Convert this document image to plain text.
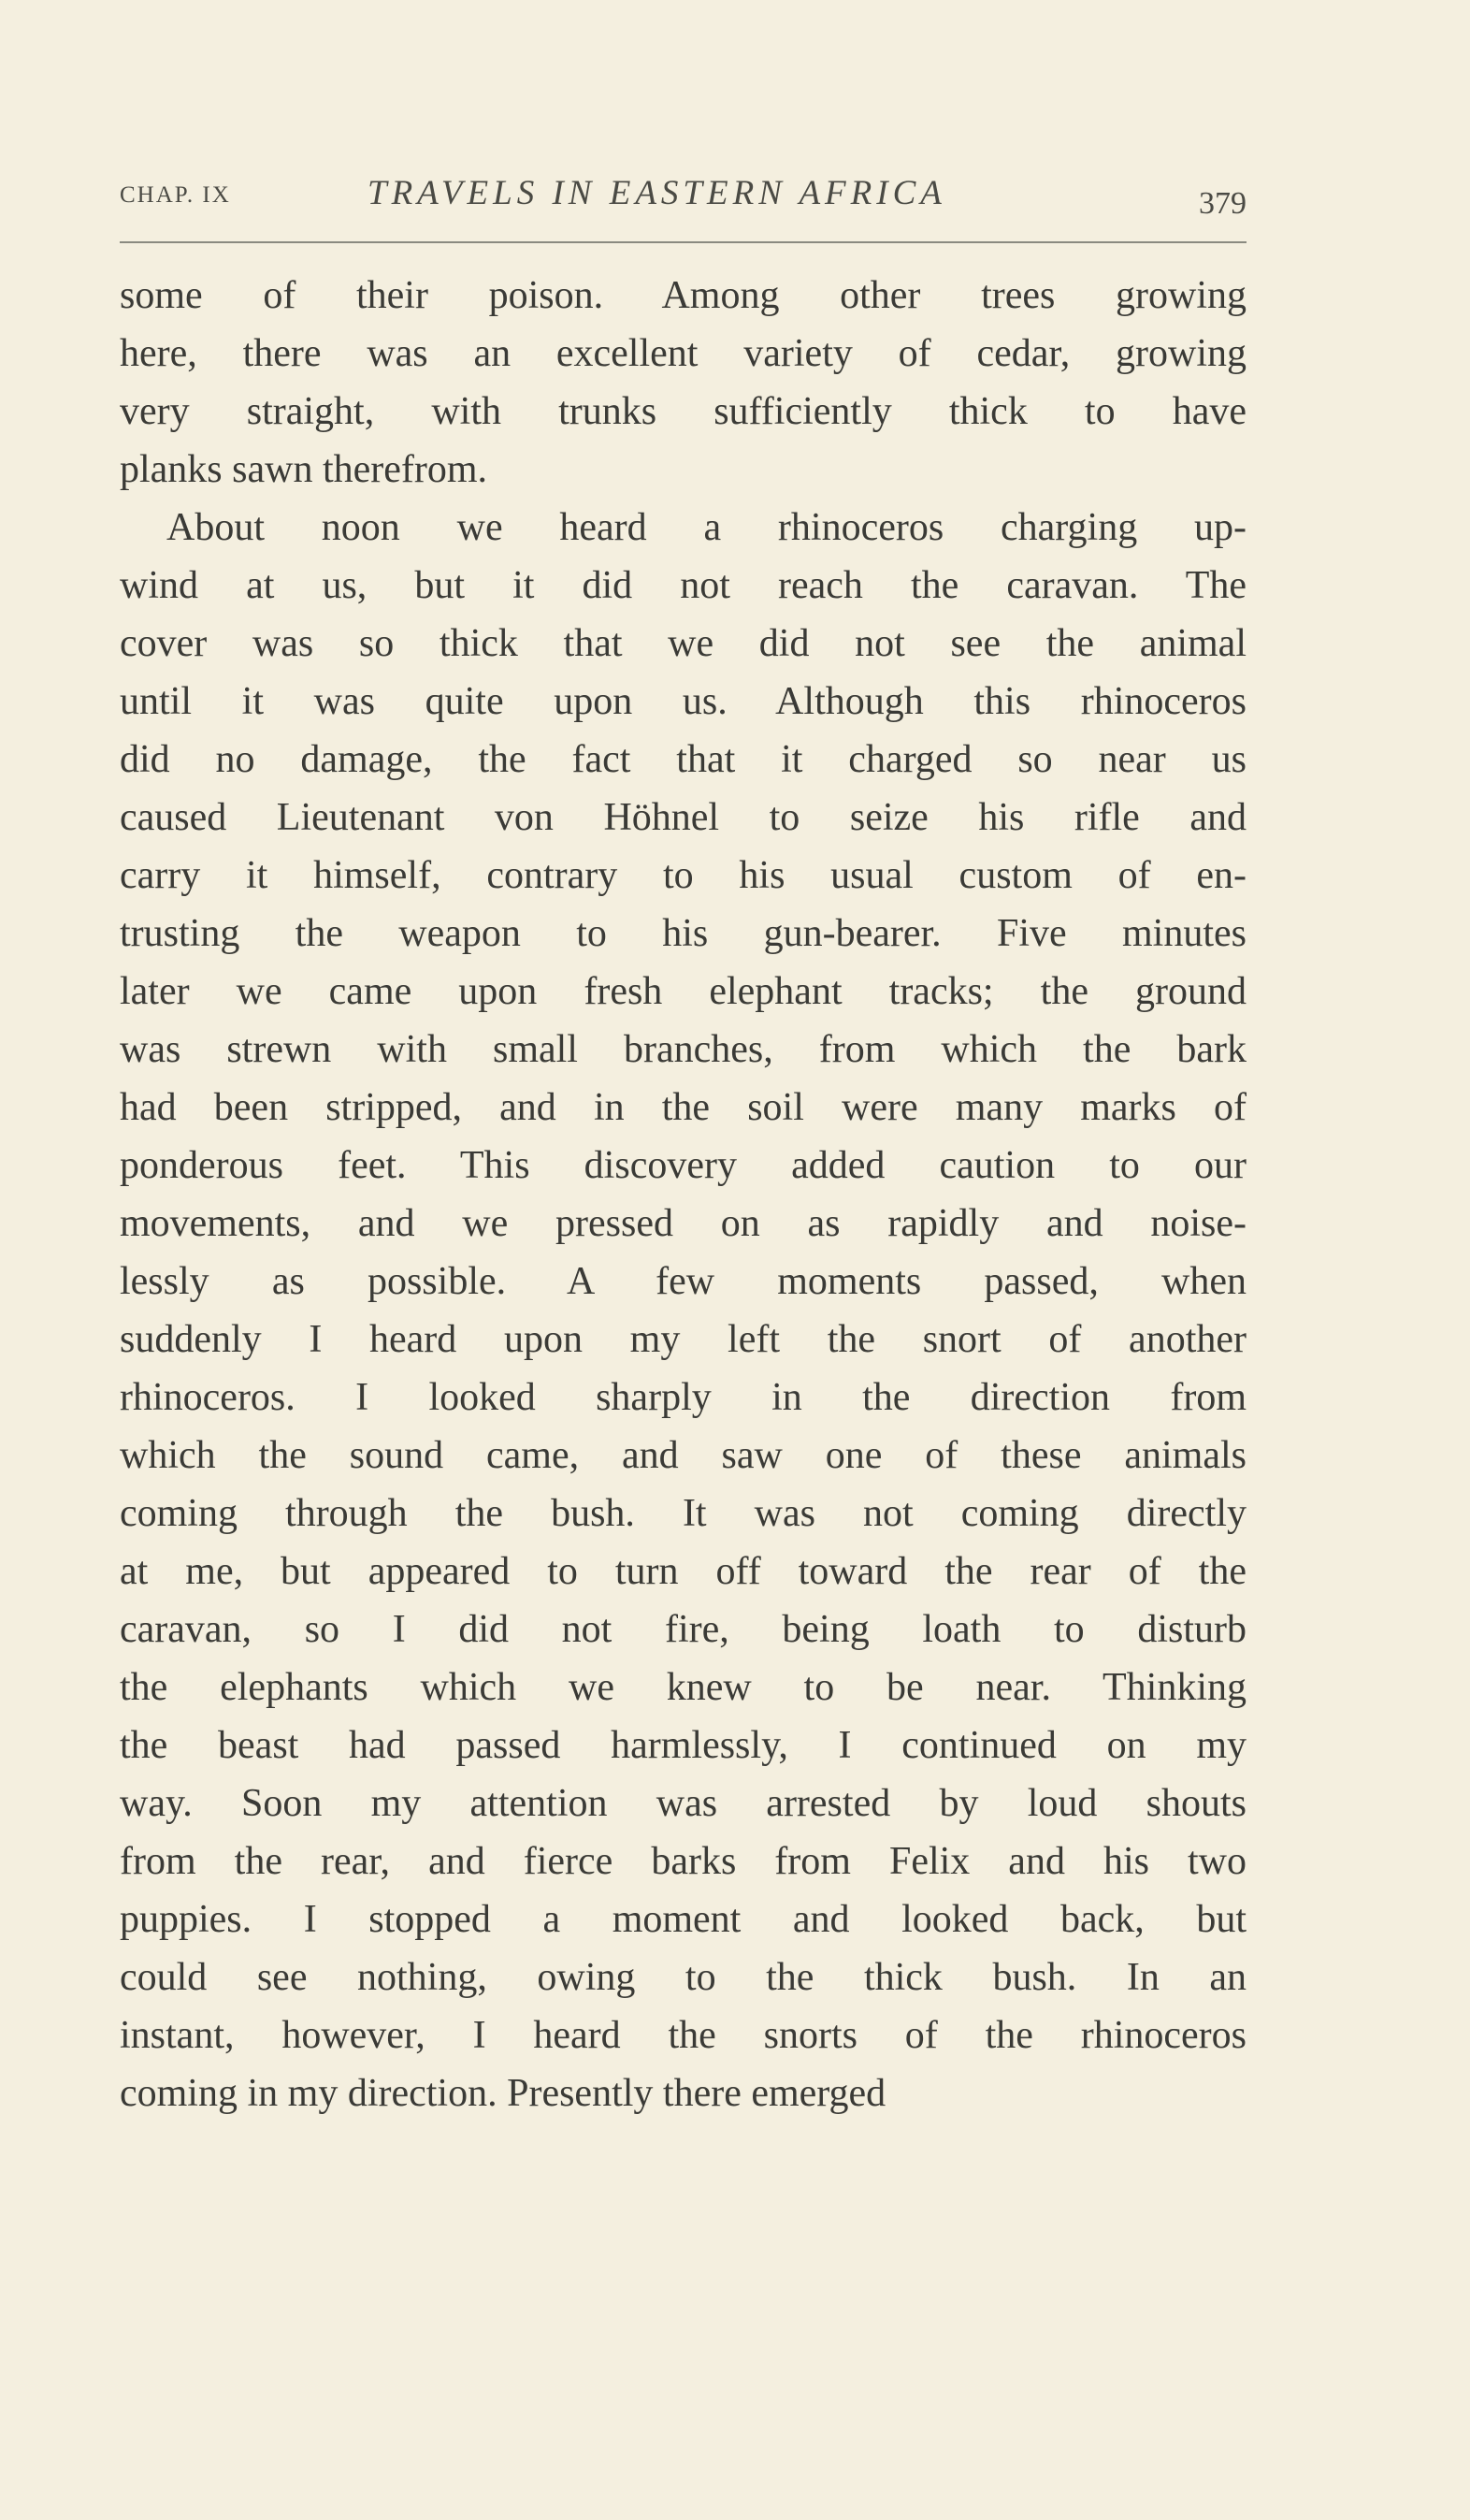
CHAP. IX	TRAVELS IN EASTERN AFRICA	379
some of their poison. Among other trees growing
here, there was an excellent variety of cedar, growing
very straight, with trunks sufficiently thick to have
planks sawn therefrom.
About noon we heard a rhinoceros charging up-
wind at us, but it did not reach the caravan. The
cover was so thick that we did not see the animal
until it was quite upon us. Although this rhinoceros
did no damage, the fact that it charged so near us
caused Lieutenant von Höhnel to seize his rifle and
carry it himself, contrary to his usual custom of en-
trusting the weapon to his gun-bearer. Five minutes
later we came upon fresh elephant tracks; the ground
was strewn with small branches, from which the bark
had been stripped, and in the soil were many marks of
ponderous feet. This discovery added caution to our
movements, and we pressed on as rapidly and noise-
lessly as possible. A few moments passed, when
suddenly I heard upon my left the snort of another
rhinoceros. I looked sharply in the direction from
which the sound came, and saw one of these animals
coming through the bush. It was not coming directly
at me, but appeared to turn off toward the rear of the
caravan, so I did not fire, being loath to disturb
the elephants which we knew to be near. Thinking
the beast had passed harmlessly, I continued on my
way. Soon my attention was arrested by loud shouts
from the rear, and fierce barks from Felix and his two
puppies. I stopped a moment and looked back, but
could see nothing, owing to the thick bush. In an
instant, however, I heard the snorts of the rhinoceros
coming in my direction. Presently there emerged
